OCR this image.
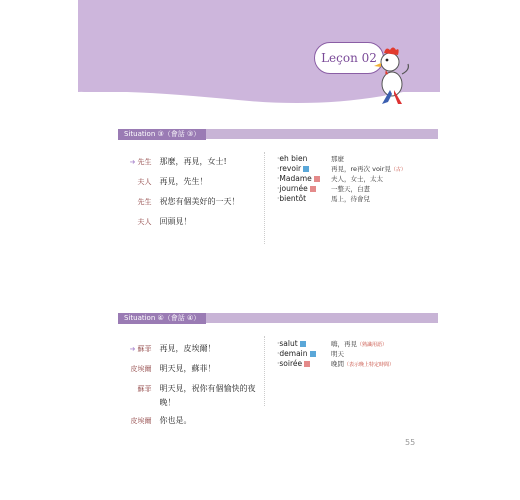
Leçon 02
Situation ③（會話 ③）
➜ 先生	那麼，再見，女士!
夫人	再見，先生！
先生	祝您有個美好的一天！
夫人	回頭見！
· eh bien	那麼
· revoir	再見，re再次 voir見（古）
· Madame	夫人，女士，太太
· journée	一整天，白晝
· bientôt	馬上，待會兒
Situation ④（會話 ④）
➜ 蘇菲	再見，皮埃爾！
皮埃爾	明天見，蘇菲！
蘇菲	明天見，祝你有個愉快的夜晚！
皮埃爾	你也是。
· salut	嗨，再見（熟識用語）
· demain	明天
· soirée	晚間（表示晚上特定時間）
55
